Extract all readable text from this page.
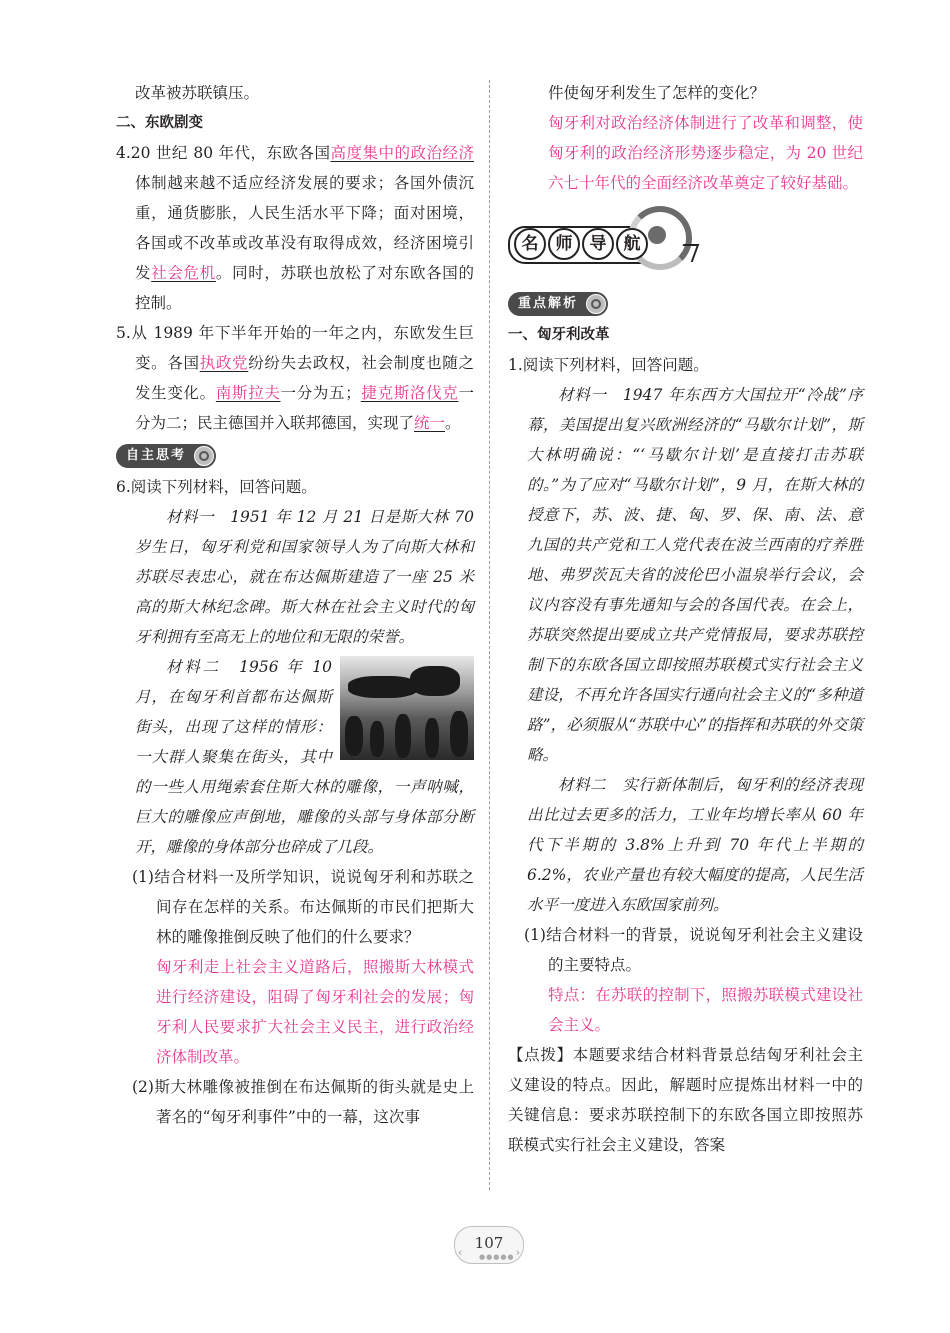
改革被苏联镇压。

二、东欧剧变

4.20 世纪 80 年代，东欧各国高度集中的政治经济体制越来越不适应经济发展的要求；各国外债沉重，通货膨胀，人民生活水平下降；面对困境，各国或不改革或改革没有取得成效，经济困境引发社会危机。同时，苏联也放松了对东欧各国的控制。

5.从 1989 年下半年开始的一年之内，东欧发生巨变。各国执政党纷纷失去政权，社会制度也随之发生变化。南斯拉夫一分为五；捷克斯洛伐克一分为二；民主德国并入联邦德国，实现了统一。

自主思考

6.阅读下列材料，回答问题。

材料一　1951 年 12 月 21 日是斯大林 70 岁生日，匈牙利党和国家领导人为了向斯大林和苏联尽表忠心，就在布达佩斯建造了一座 25 米高的斯大林纪念碑。斯大林在社会主义时代的匈牙利拥有至高无上的地位和无限的荣誉。

材料二　1956 年 10 月，在匈牙利首都布达佩斯街头，出现了这样的情形：一大群人聚集在街头，其中的一些人用绳索套住斯大林的雕像，一声呐喊，巨大的雕像应声倒地，雕像的头部与身体部分断开，雕像的身体部分也碎成了几段。

(1)结合材料一及所学知识，说说匈牙利和苏联之间存在怎样的关系。布达佩斯的市民们把斯大林的雕像推倒反映了他们的什么要求？

匈牙利走上社会主义道路后，照搬斯大林模式进行经济建设，阻碍了匈牙利社会的发展；匈牙利人民要求扩大社会主义民主，进行政治经济体制改革。

(2)斯大林雕像被推倒在布达佩斯的街头就是史上著名的“匈牙利事件”中的一幕，这次事

件使匈牙利发生了怎样的变化？

匈牙利对政治经济体制进行了改革和调整，使匈牙利的政治经济形势逐步稳定，为 20 世纪六七十年代的全面经济改革奠定了较好基础。

名 师 导 航
重点解析

一、匈牙利改革

1.阅读下列材料，回答问题。

材料一　1947 年东西方大国拉开“冷战”序幕，美国提出复兴欧洲经济的“马歇尔计划”，斯大林明确说：“‘马歇尔计划’是直接打击苏联的。”为了应对“马歇尔计划”，9 月，在斯大林的授意下，苏、波、捷、匈、罗、保、南、法、意九国的共产党和工人党代表在波兰西南的疗养胜地、弗罗茨瓦夫省的波伦巴小温泉举行会议，会议内容没有事先通知与会的各国代表。在会上，苏联突然提出要成立共产党情报局，要求苏联控制下的东欧各国立即按照苏联模式实行社会主义建设，不再允许各国实行通向社会主义的“多种道路”，必须服从“苏联中心”的指挥和苏联的外交策略。

材料二　实行新体制后，匈牙利的经济表现出比过去更多的活力，工业年均增长率从 60 年代下半期的 3.8%上升到 70 年代上半期的 6.2%，农业产量也有较大幅度的提高，人民生活水平一度进入东欧国家前列。

(1)结合材料一的背景，说说匈牙利社会主义建设的主要特点。

特点：在苏联的控制下，照搬苏联模式建设社会主义。

【点拨】本题要求结合材料背景总结匈牙利社会主义建设的特点。因此，解题时应提炼出材料一中的关键信息：要求苏联控制下的东欧各国立即按照苏联模式实行社会主义建设，答案

‹
107
›
●●●●●
